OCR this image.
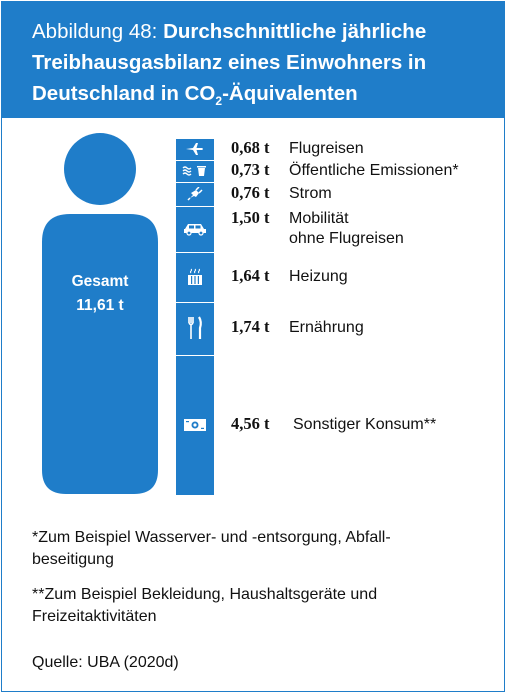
Abbildung 48: Durchschnittliche jährliche
Treibhausgasbilanz eines Einwohners in
Deutschland in $CO_2$-Äquivalenten
Gesamt
11,61 t
0,68 t Flugreisen
0,73 t Öffentliche Emissionen*
0,76 t Strom
1,50 t Mobilität
ohne Flugreisen
1,64 t Heizung
1,74 t Ernährung
4,56 t Sonstiger Konsum**
*Zum Beispiel Wasserver- und -entsorgung, Abfall-beseitigung
**Zum Beispiel Bekleidung, Haushaltsgeräte und Freizeitaktivitäten
Quelle: UBA (2020d)
